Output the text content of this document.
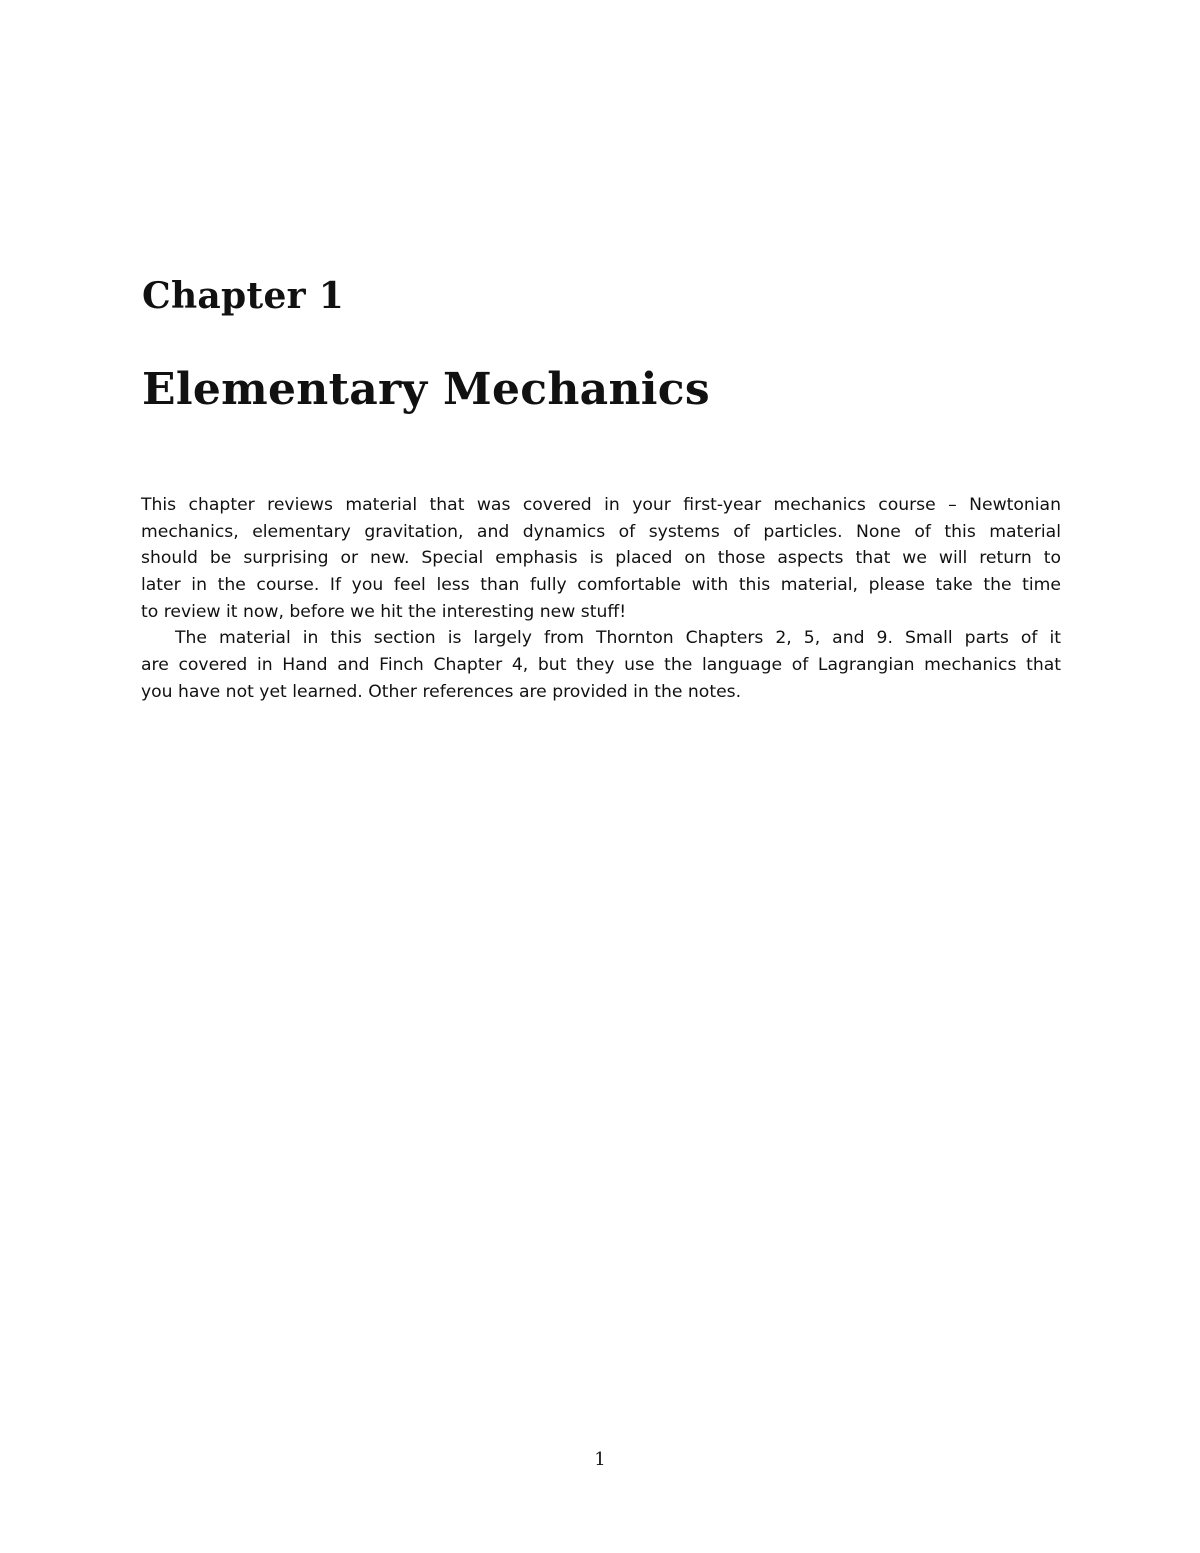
Chapter 1
Elementary Mechanics

This chapter reviews material that was covered in your first-year mechanics course – Newtonian
mechanics, elementary gravitation, and dynamics of systems of particles. None of this material
should be surprising or new. Special emphasis is placed on those aspects that we will return to
later in the course. If you feel less than fully comfortable with this material, please take the time
to review it now, before we hit the interesting new stuff!

The material in this section is largely from Thornton Chapters 2, 5, and 9. Small parts of it
are covered in Hand and Finch Chapter 4, but they use the language of Lagrangian mechanics that
you have not yet learned. Other references are provided in the notes.

1
